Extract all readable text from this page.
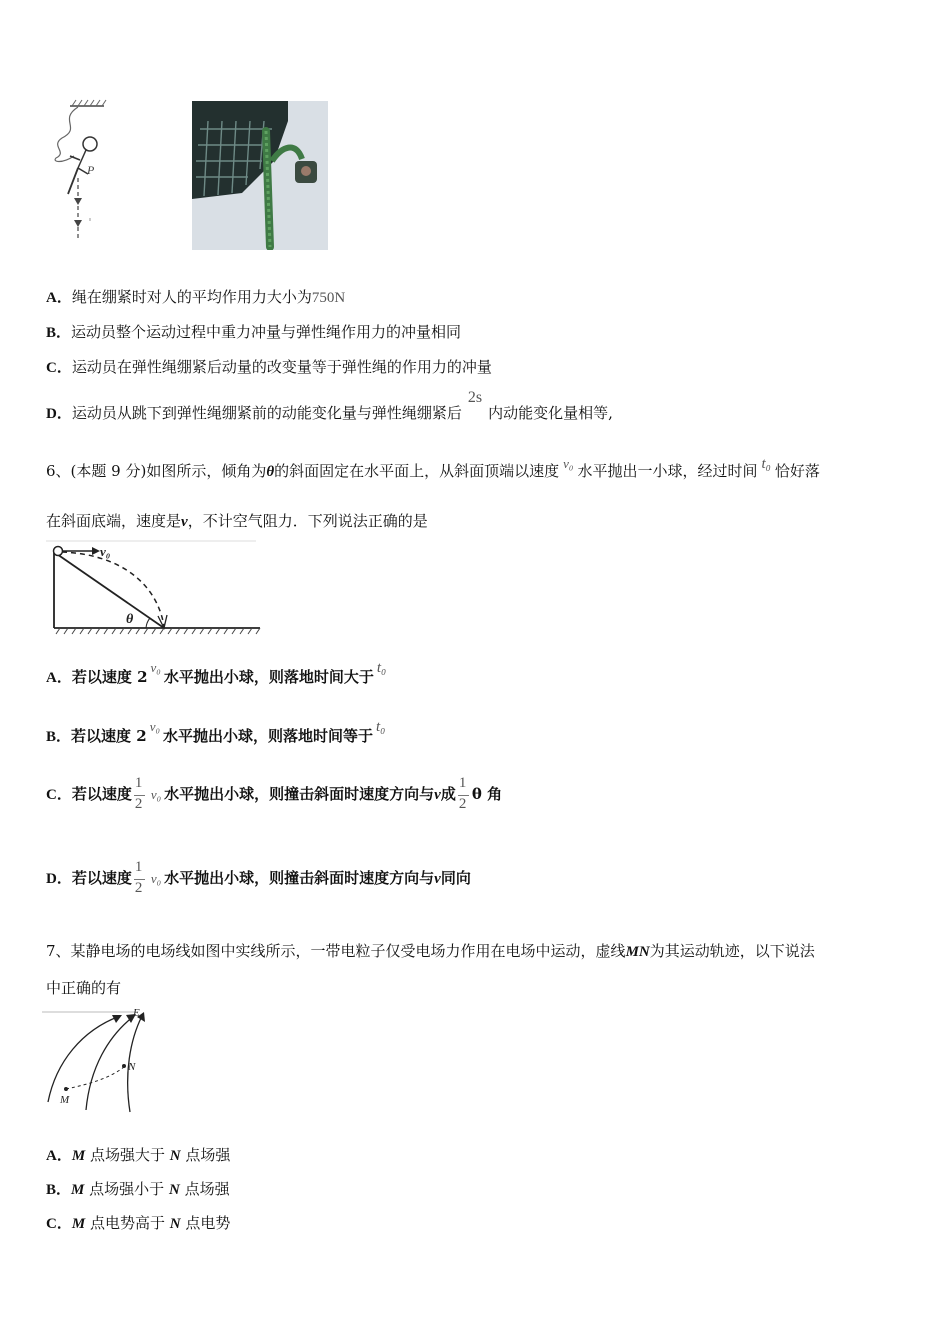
P
A．绳在绷紧时对人的平均作用力大小为750N
B．运动员整个运动过程中重力冲量与弹性绳作用力的冲量相同
C．运动员在弹性绳绷紧后动量的改变量等于弹性绳的作用力的冲量
D．运动员从跳下到弹性绳绷紧前的动能变化量与弹性绳绷紧后2s内动能变化量相等,
6、(本题 9 分)如图所示，倾角为θ的斜面固定在水平面上，从斜面顶端以速度 v₀ 水平抛出一小球，经过时间 t₀ 恰好落
在斜面底端，速度是v，不计空气阻力．下列说法正确的是
v₀
θ
A．若以速度 2v₀水平抛出小球，则落地时间大于 t₀
B．若以速度 2v₀水平抛出小球，则落地时间等于 t₀
C．若以速度 $\frac{1}{2} v_0$ 水平抛出小球，则撞击斜面时速度方向与v成 $\frac{1}{2}$ θ 角
D．若以速度 $\frac{1}{2} v_0$ 水平抛出小球，则撞击斜面时速度方向与v同向
7、某静电场的电场线如图中实线所示，一带电粒子仅受电场力作用在电场中运动，虚线MN为其运动轨迹，以下说法
中正确的有
E
M
N
A．M 点场强大于 N 点场强
B．M 点场强小于 N 点场强
C．M 点电势高于 N 点电势
